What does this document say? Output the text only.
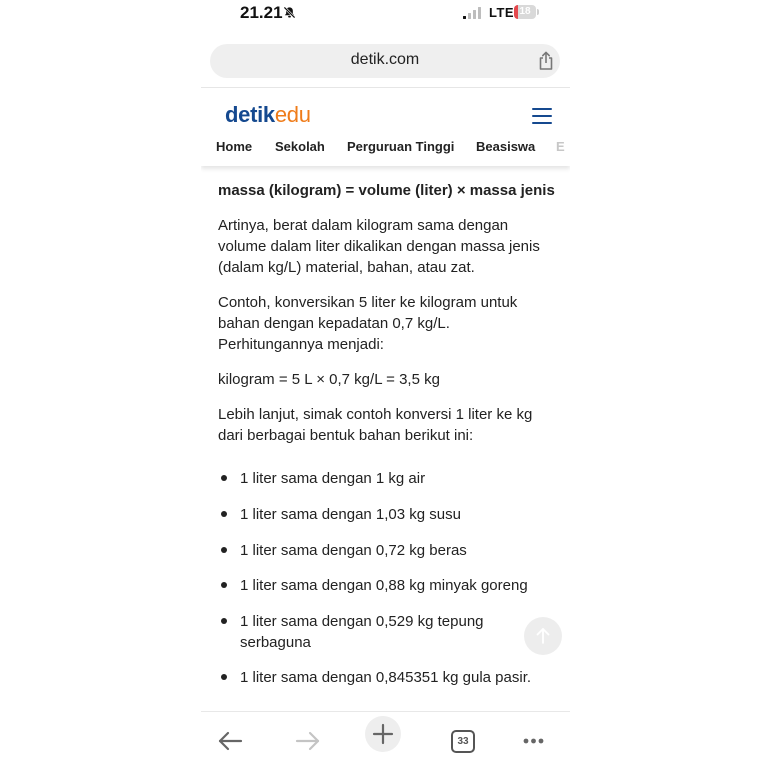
21.21	LTE 18
detik.com
detikedu
Home Sekolah Perguruan Tinggi Beasiswa E
massa (kilogram) = volume (liter) × massa jenis
Artinya, berat dalam kilogram sama dengan volume dalam liter dikalikan dengan massa jenis (dalam kg/L) material, bahan, atau zat.
Contoh, konversikan 5 liter ke kilogram untuk bahan dengan kepadatan 0,7 kg/L. Perhitungannya menjadi:
kilogram = 5 L × 0,7 kg/L = 3,5 kg
Lebih lanjut, simak contoh konversi 1 liter ke kg dari berbagai bentuk bahan berikut ini:
1 liter sama dengan 1 kg air
1 liter sama dengan 1,03 kg susu
1 liter sama dengan 0,72 kg beras
1 liter sama dengan 0,88 kg minyak goreng
1 liter sama dengan 0,529 kg tepung serbaguna
1 liter sama dengan 0,845351 kg gula pasir.
33
